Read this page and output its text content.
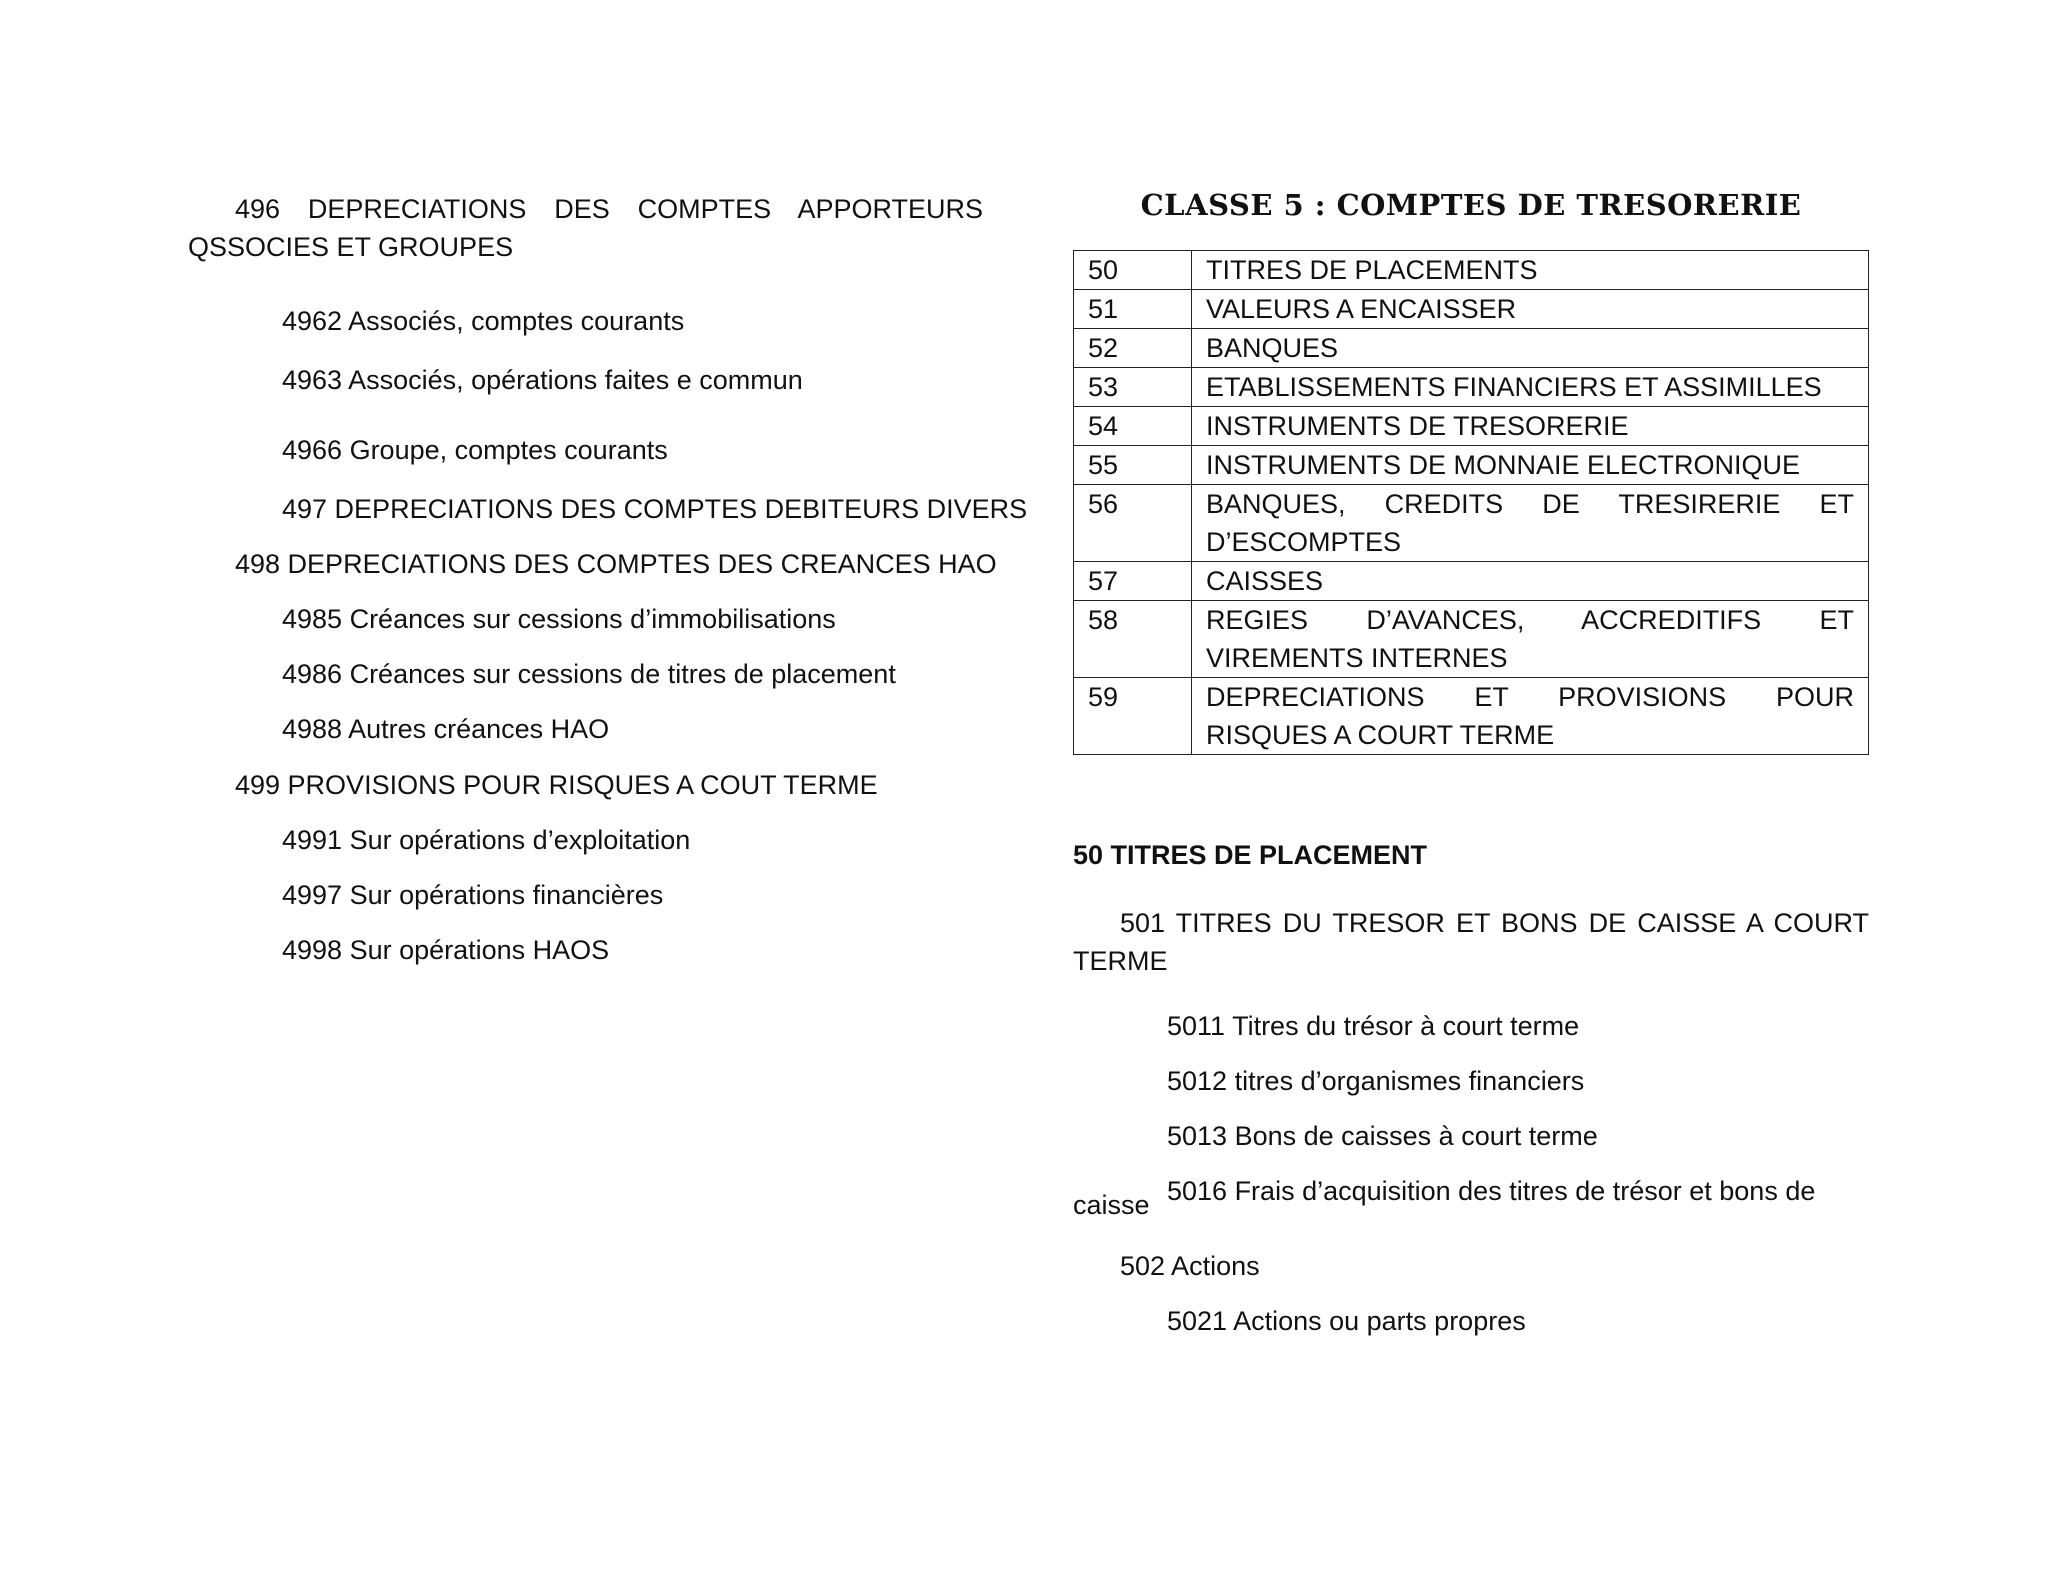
496 DEPRECIATIONS DES COMPTES APPORTEURS QSSOCIES ET GROUPES

4962 Associés, comptes courants

4963 Associés, opérations faites e commun

4966 Groupe, comptes courants

497 DEPRECIATIONS DES COMPTES DEBITEURS DIVERS

498 DEPRECIATIONS DES COMPTES DES CREANCES HAO

4985 Créances sur cessions d’immobilisations

4986 Créances sur cessions de titres de placement

4988 Autres créances HAO

499 PROVISIONS POUR RISQUES A COUT TERME

4991 Sur opérations d’exploitation

4997 Sur opérations financières

4998 Sur opérations HAOS

CLASSE 5 : COMPTES DE TRESORERIE
50	TITRES DE PLACEMENTS
51	VALEURS A ENCAISSER
52	BANQUES
53	ETABLISSEMENTS FINANCIERS ET ASSIMILLES
54	INSTRUMENTS DE TRESORERIE
55	INSTRUMENTS DE MONNAIE ELECTRONIQUE
56	BANQUES, CREDITS DE TRESIRERIE ET D’ESCOMPTES
57	CAISSES
58	REGIES D’AVANCES, ACCREDITIFS ET VIREMENTS INTERNES
59	DEPRECIATIONS ET PROVISIONS POUR RISQUES A COURT TERME
50 TITRES DE PLACEMENT

501 TITRES DU TRESOR ET BONS DE CAISSE A COURT TERME

5011 Titres du trésor à court terme

5012 titres d’organismes financiers

5013 Bons de caisses à court terme

5016 Frais d’acquisition des titres de trésor et bons de

caisse

502 Actions

5021 Actions ou parts propres
